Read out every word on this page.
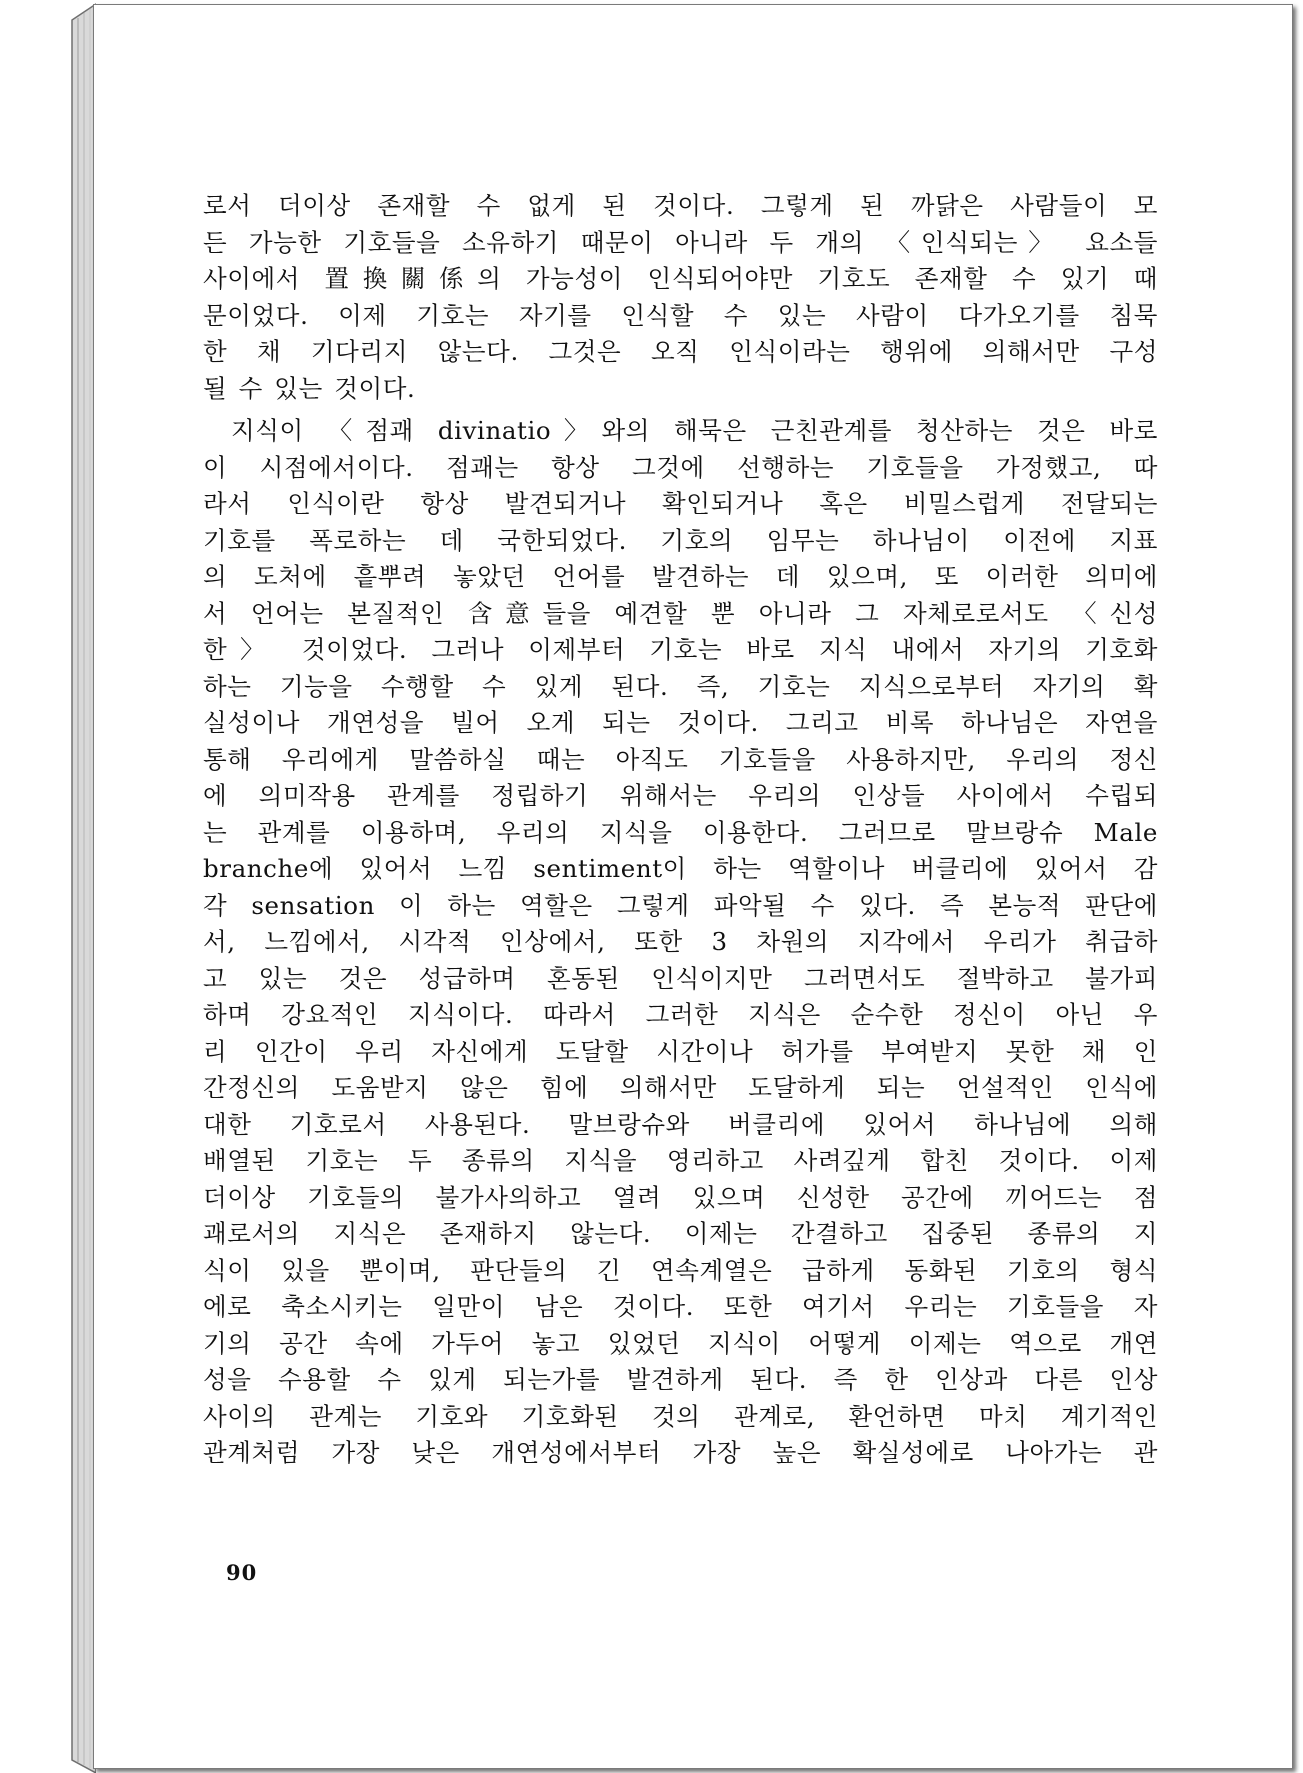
로서 더이상 존재할 수 없게 된 것이다. 그렇게 된 까닭은 사람들이 모
든 가능한 기호들을 소유하기 때문이 아니라 두 개의 〈인식되는〉 요소들
사이에서 置換關係의 가능성이 인식되어야만 기호도 존재할 수 있기 때
문이었다. 이제 기호는 자기를 인식할 수 있는 사람이 다가오기를 침묵
한 채 기다리지 않는다. 그것은 오직 인식이라는 행위에 의해서만 구성
될 수 있는 것이다.

지식이 〈점괘 divinatio〉와의 해묵은 근친관계를 청산하는 것은 바로
이 시점에서이다. 점괘는 항상 그것에 선행하는 기호들을 가정했고, 따
라서 인식이란 항상 발견되거나 확인되거나 혹은 비밀스럽게 전달되는
기호를 폭로하는 데 국한되었다. 기호의 임무는 하나님이 이전에 지표
의 도처에 흩뿌려 놓았던 언어를 발견하는 데 있으며, 또 이러한 의미에
서 언어는 본질적인 含意들을 예견할 뿐 아니라 그 자체로로서도 〈신성
한〉 것이었다. 그러나 이제부터 기호는 바로 지식 내에서 자기의 기호화
하는 기능을 수행할 수 있게 된다. 즉, 기호는 지식으로부터 자기의 확
실성이나 개연성을 빌어 오게 되는 것이다. 그리고 비록 하나님은 자연을
통해 우리에게 말씀하실 때는 아직도 기호들을 사용하지만, 우리의 정신
에 의미작용 관계를 정립하기 위해서는 우리의 인상들 사이에서 수립되
는 관계를 이용하며, 우리의 지식을 이용한다. 그러므로 말브랑슈 Male
branche에 있어서 느낌 sentiment이 하는 역할이나 버클리에 있어서 감
각 sensation 이 하는 역할은 그렇게 파악될 수 있다. 즉 본능적 판단에
서, 느낌에서, 시각적 인상에서, 또한 3 차원의 지각에서 우리가 취급하
고 있는 것은 성급하며 혼동된 인식이지만 그러면서도 절박하고 불가피
하며 강요적인 지식이다. 따라서 그러한 지식은 순수한 정신이 아닌 우
리 인간이 우리 자신에게 도달할 시간이나 허가를 부여받지 못한 채 인
간정신의 도움받지 않은 힘에 의해서만 도달하게 되는 언설적인 인식에
대한 기호로서 사용된다. 말브랑슈와 버클리에 있어서 하나님에 의해
배열된 기호는 두 종류의 지식을 영리하고 사려깊게 합친 것이다. 이제
더이상 기호들의 불가사의하고 열려 있으며 신성한 공간에 끼어드는 점
괘로서의 지식은 존재하지 않는다. 이제는 간결하고 집중된 종류의 지
식이 있을 뿐이며, 판단들의 긴 연속계열은 급하게 동화된 기호의 형식
에로 축소시키는 일만이 남은 것이다. 또한 여기서 우리는 기호들을 자
기의 공간 속에 가두어 놓고 있었던 지식이 어떻게 이제는 역으로 개연
성을 수용할 수 있게 되는가를 발견하게 된다. 즉 한 인상과 다른 인상
사이의 관계는 기호와 기호화된 것의 관계로, 환언하면 마치 계기적인
관계처럼 가장 낮은 개연성에서부터 가장 높은 확실성에로 나아가는 관

90
